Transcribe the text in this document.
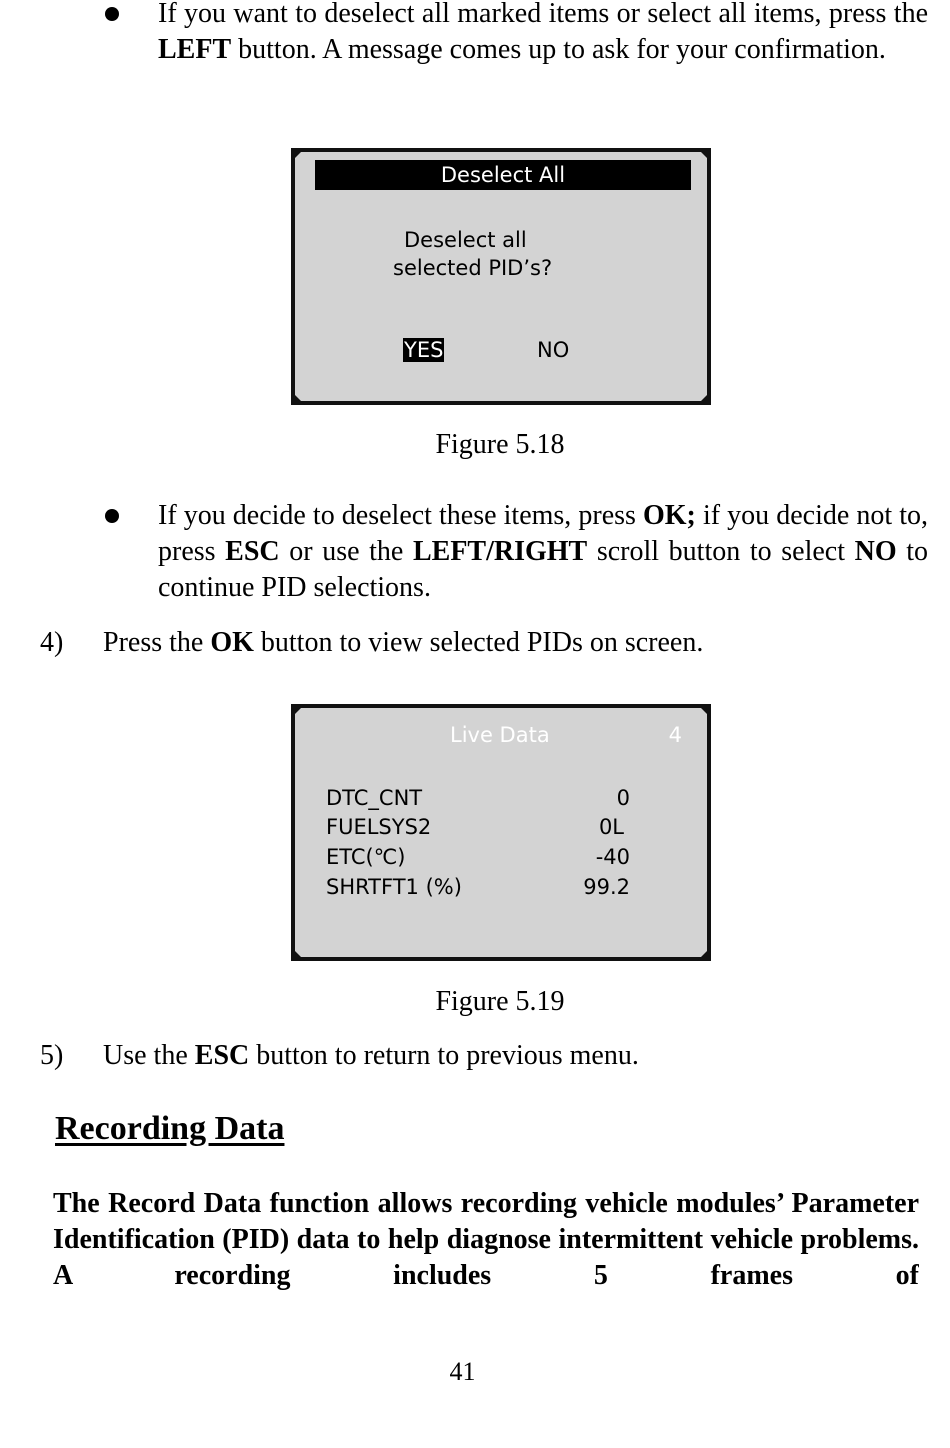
If you want to deselect all marked items or select all items, press the LEFT button. A message comes up to ask for your confirmation.

Deselect All
Deselect all
selected PID’s?
YES	NO
Figure 5.18

If you decide to deselect these items, press OK; if you decide not to, press ESC or use the LEFT/RIGHT scroll button to select NO to continue PID selections.

4) Press the OK button to view selected PIDs on screen.

Live Data	4
DTC_CNT	0
FUELSYS2	0L
ETC(℃)	-40
SHRTFT1 (%)	99.2
Figure 5.19
5) Use the ESC button to return to previous menu.

Recording Data

The Record Data function allows recording vehicle modules’ Parameter Identification (PID) data to help diagnose intermittent vehicle problems. A recording includes 5 frames of

41
